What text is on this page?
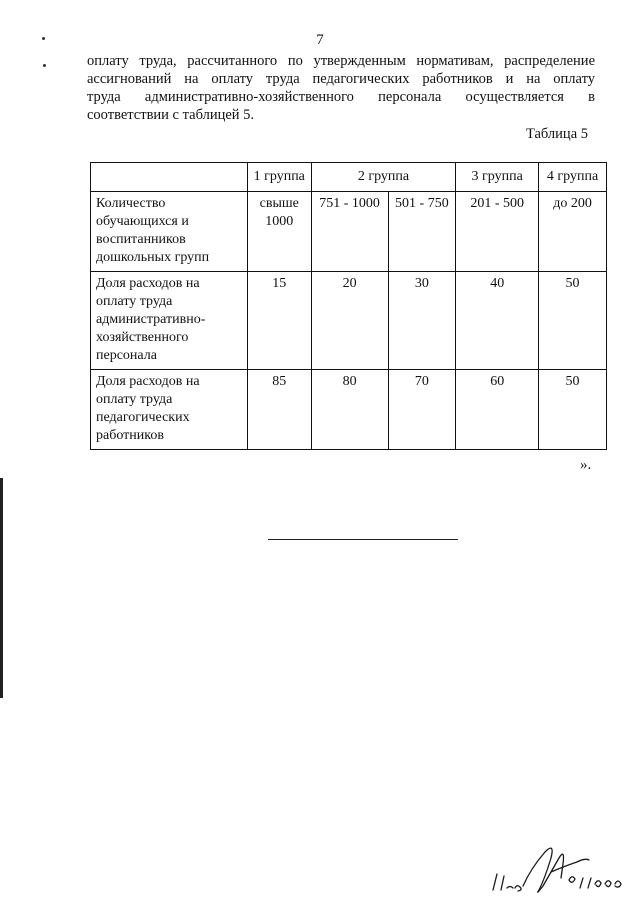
7
оплату труда, рассчитанного по утвержденным нормативам, распределение
ассигнований на оплату труда педагогических работников и на оплату
труда административно-хозяйственного персонала осуществляется в
соответствии с таблицей 5.
Таблица 5
	1 группа	2 группа		3 группа	4 группа
Количество обучающихся и воспитанников дошкольных групп	свыше 1000	751 - 1000	501 - 750	201 - 500	до 200
Доля расходов на оплату труда административно-хозяйственного персонала	15	20	30	40	50
Доля расходов на оплату труда педагогических работников	85	80	70	60	50
».
